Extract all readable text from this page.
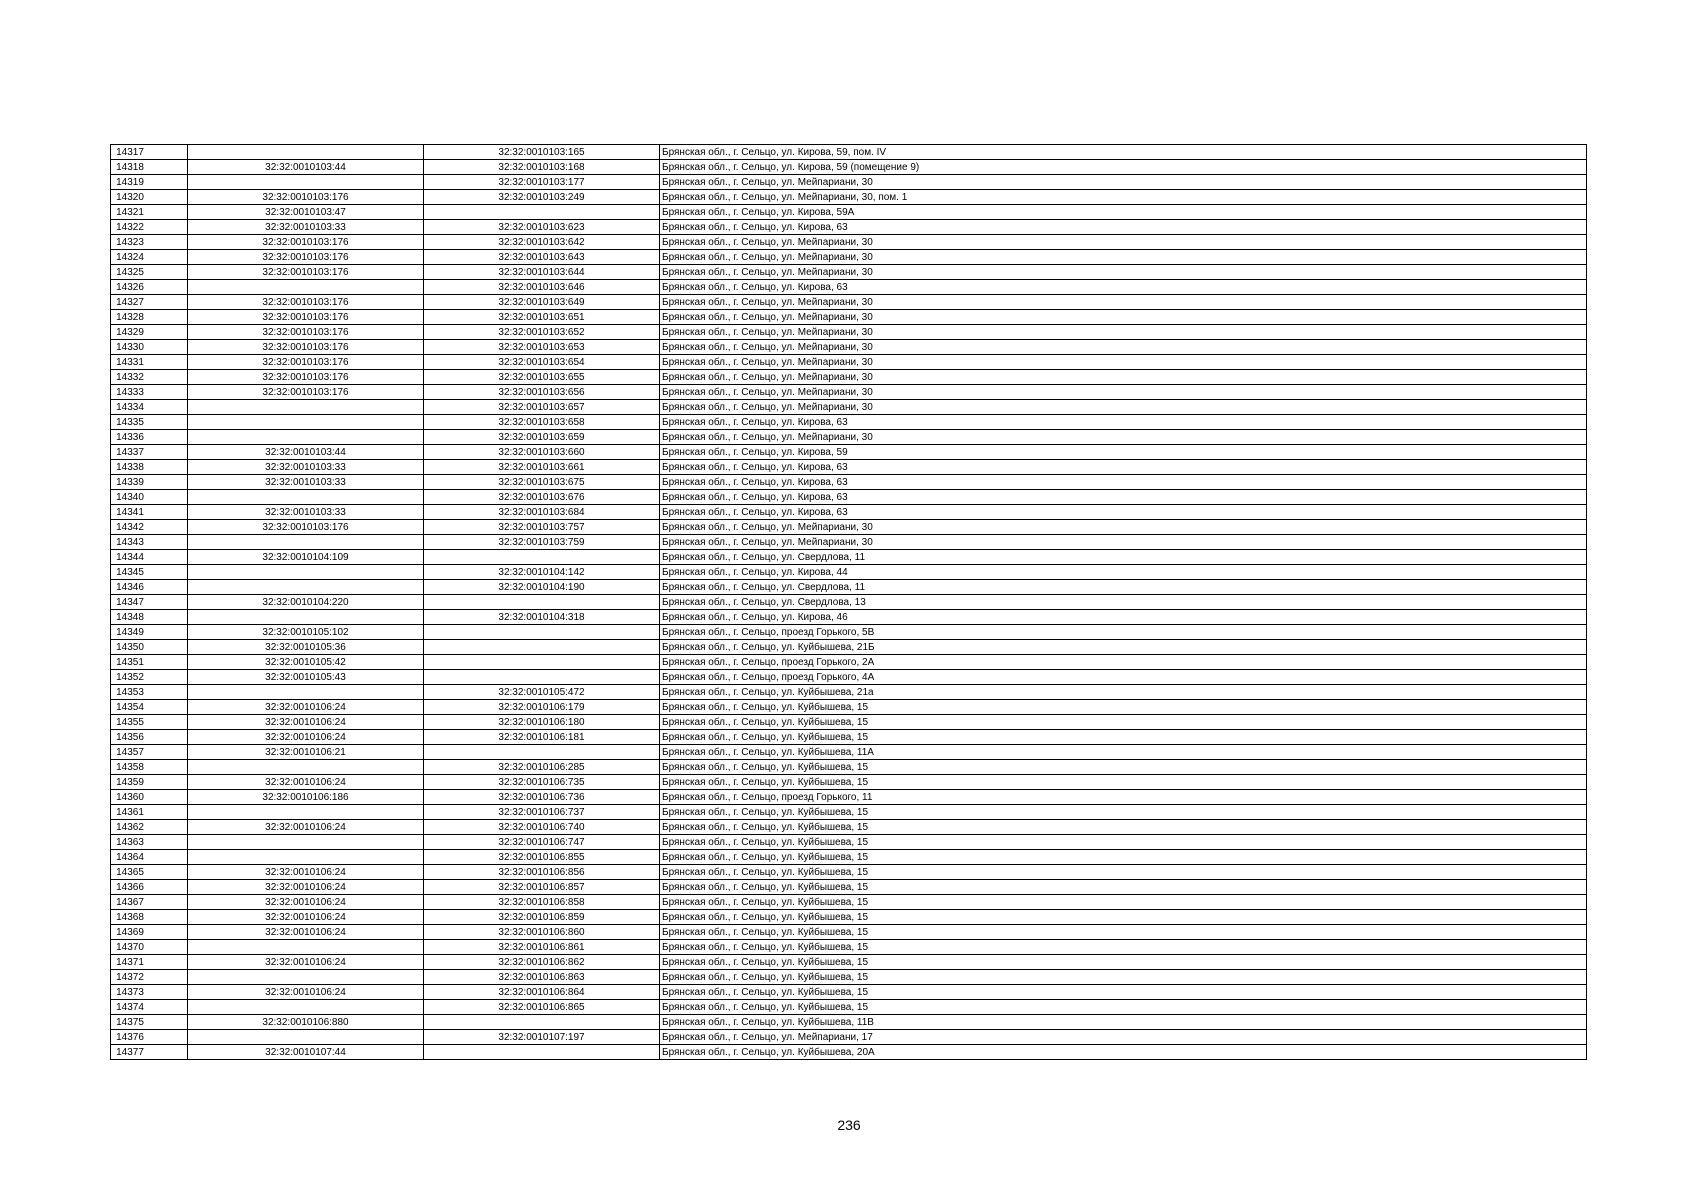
14317		32:32:0010103:165	Брянская обл., г. Сельцо, ул. Кирова, 59, пом. IV
14318	32:32:0010103:44	32:32:0010103:168	Брянская обл., г. Сельцо, ул. Кирова, 59 (помещение 9)
14319		32:32:0010103:177	Брянская обл., г. Сельцо, ул. Мейпариани, 30
14320	32:32:0010103:176	32:32:0010103:249	Брянская обл., г. Сельцо, ул. Мейпариани, 30, пом. 1
14321	32:32:0010103:47		Брянская обл., г. Сельцо, ул. Кирова, 59А
14322	32:32:0010103:33	32:32:0010103:623	Брянская обл., г. Сельцо, ул. Кирова, 63
14323	32:32:0010103:176	32:32:0010103:642	Брянская обл., г. Сельцо, ул. Мейпариани, 30
14324	32:32:0010103:176	32:32:0010103:643	Брянская обл., г. Сельцо, ул. Мейпариани, 30
14325	32:32:0010103:176	32:32:0010103:644	Брянская обл., г. Сельцо, ул. Мейпариани, 30
14326		32:32:0010103:646	Брянская обл., г. Сельцо, ул. Кирова, 63
14327	32:32:0010103:176	32:32:0010103:649	Брянская обл., г. Сельцо, ул. Мейпариани, 30
14328	32:32:0010103:176	32:32:0010103:651	Брянская обл., г. Сельцо, ул. Мейпариани, 30
14329	32:32:0010103:176	32:32:0010103:652	Брянская обл., г. Сельцо, ул. Мейпариани, 30
14330	32:32:0010103:176	32:32:0010103:653	Брянская обл., г. Сельцо, ул. Мейпариани, 30
14331	32:32:0010103:176	32:32:0010103:654	Брянская обл., г. Сельцо, ул. Мейпариани, 30
14332	32:32:0010103:176	32:32:0010103:655	Брянская обл., г. Сельцо, ул. Мейпариани, 30
14333	32:32:0010103:176	32:32:0010103:656	Брянская обл., г. Сельцо, ул. Мейпариани, 30
14334		32:32:0010103:657	Брянская обл., г. Сельцо, ул. Мейпариани, 30
14335		32:32:0010103:658	Брянская обл., г. Сельцо, ул. Кирова, 63
14336		32:32:0010103:659	Брянская обл., г. Сельцо, ул. Мейпариани, 30
14337	32:32:0010103:44	32:32:0010103:660	Брянская обл., г. Сельцо, ул. Кирова, 59
14338	32:32:0010103:33	32:32:0010103:661	Брянская обл., г. Сельцо, ул. Кирова, 63
14339	32:32:0010103:33	32:32:0010103:675	Брянская обл., г. Сельцо, ул. Кирова, 63
14340		32:32:0010103:676	Брянская обл., г. Сельцо, ул. Кирова, 63
14341	32:32:0010103:33	32:32:0010103:684	Брянская обл., г. Сельцо, ул. Кирова, 63
14342	32:32:0010103:176	32:32:0010103:757	Брянская обл., г. Сельцо, ул. Мейпариани, 30
14343		32:32:0010103:759	Брянская обл., г. Сельцо, ул. Мейпариани, 30
14344	32:32:0010104:109		Брянская обл., г. Сельцо, ул. Свердлова, 11
14345		32:32:0010104:142	Брянская обл., г. Сельцо, ул. Кирова, 44
14346		32:32:0010104:190	Брянская обл., г. Сельцо, ул. Свердлова, 11
14347	32:32:0010104:220		Брянская обл., г. Сельцо, ул. Свердлова, 13
14348		32:32:0010104:318	Брянская обл., г. Сельцо, ул. Кирова, 46
14349	32:32:0010105:102		Брянская обл., г. Сельцо, проезд Горького, 5В
14350	32:32:0010105:36		Брянская обл., г. Сельцо, ул. Куйбышева, 21Б
14351	32:32:0010105:42		Брянская обл., г. Сельцо, проезд Горького, 2А
14352	32:32:0010105:43		Брянская обл., г. Сельцо, проезд Горького, 4А
14353		32:32:0010105:472	Брянская обл., г. Сельцо, ул. Куйбышева, 21а
14354	32:32:0010106:24	32:32:0010106:179	Брянская обл., г. Сельцо, ул. Куйбышева, 15
14355	32:32:0010106:24	32:32:0010106:180	Брянская обл., г. Сельцо, ул. Куйбышева, 15
14356	32:32:0010106:24	32:32:0010106:181	Брянская обл., г. Сельцо, ул. Куйбышева, 15
14357	32:32:0010106:21		Брянская обл., г. Сельцо, ул. Куйбышева, 11А
14358		32:32:0010106:285	Брянская обл., г. Сельцо, ул. Куйбышева, 15
14359	32:32:0010106:24	32:32:0010106:735	Брянская обл., г. Сельцо, ул. Куйбышева, 15
14360	32:32:0010106:186	32:32:0010106:736	Брянская обл., г. Сельцо, проезд Горького, 11
14361		32:32:0010106:737	Брянская обл., г. Сельцо, ул. Куйбышева, 15
14362	32:32:0010106:24	32:32:0010106:740	Брянская обл., г. Сельцо, ул. Куйбышева, 15
14363		32:32:0010106:747	Брянская обл., г. Сельцо, ул. Куйбышева, 15
14364		32:32:0010106:855	Брянская обл., г. Сельцо, ул. Куйбышева, 15
14365	32:32:0010106:24	32:32:0010106:856	Брянская обл., г. Сельцо, ул. Куйбышева, 15
14366	32:32:0010106:24	32:32:0010106:857	Брянская обл., г. Сельцо, ул. Куйбышева, 15
14367	32:32:0010106:24	32:32:0010106:858	Брянская обл., г. Сельцо, ул. Куйбышева, 15
14368	32:32:0010106:24	32:32:0010106:859	Брянская обл., г. Сельцо, ул. Куйбышева, 15
14369	32:32:0010106:24	32:32:0010106:860	Брянская обл., г. Сельцо, ул. Куйбышева, 15
14370		32:32:0010106:861	Брянская обл., г. Сельцо, ул. Куйбышева, 15
14371	32:32:0010106:24	32:32:0010106:862	Брянская обл., г. Сельцо, ул. Куйбышева, 15
14372		32:32:0010106:863	Брянская обл., г. Сельцо, ул. Куйбышева, 15
14373	32:32:0010106:24	32:32:0010106:864	Брянская обл., г. Сельцо, ул. Куйбышева, 15
14374		32:32:0010106:865	Брянская обл., г. Сельцо, ул. Куйбышева, 15
14375	32:32:0010106:880		Брянская обл., г. Сельцо, ул. Куйбышева, 11В
14376		32:32:0010107:197	Брянская обл., г. Сельцо, ул. Мейпариани, 17
14377	32:32:0010107:44		Брянская обл., г. Сельцо, ул. Куйбышева, 20А
236
